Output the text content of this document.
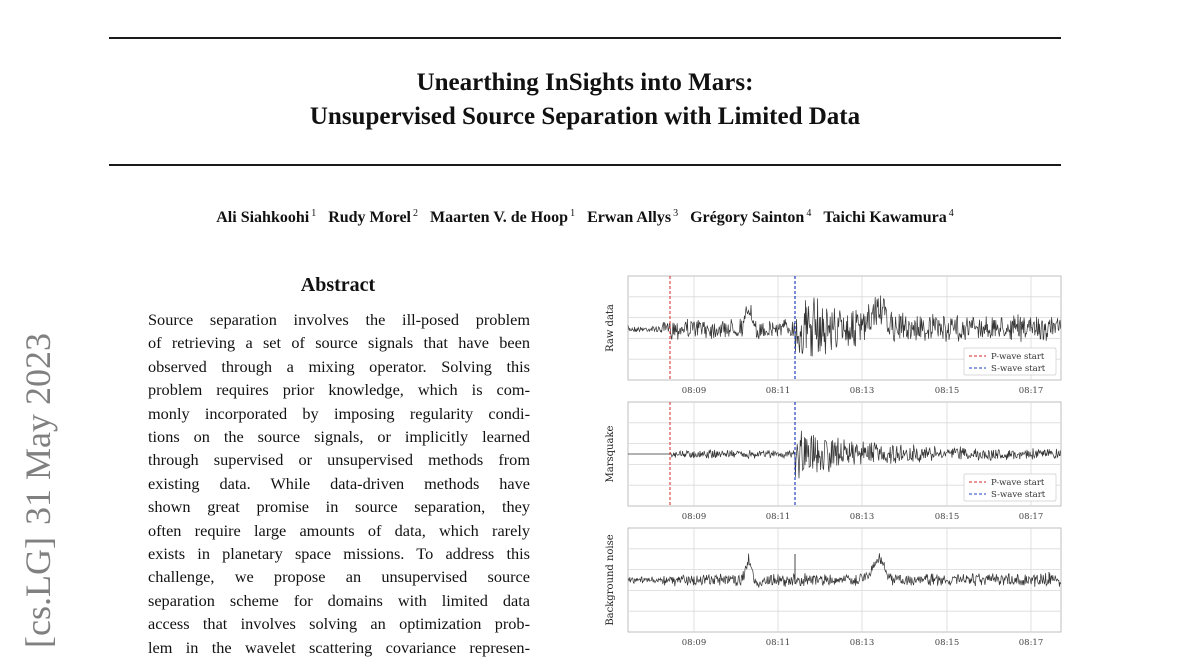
Unearthing InSights into Mars:
Unsupervised Source Separation with Limited Data
Ali Siahkoohi $^1$ Rudy Morel $^2$ Maarten V. de Hoop $^1$ Erwan Allys $^3$ Grégory Sainton $^4$ Taichi Kawamura $^4$
[cs.LG]31 May 2023
Abstract
Source separation involves the ill-posed problem
of retrieving a set of source signals that have been
observed through a mixing operator. Solving this
problem requires prior knowledge, which is com-
monly incorporated by imposing regularity condi-
tions on the source signals, or implicitly learned
through supervised or unsupervised methods from
existing data. While data-driven methods have
shown great promise in source separation, they
often require large amounts of data, which rarely
exists in planetary space missions. To address this
challenge, we propose an unsupervised source
separation scheme for domains with limited data
access that involves solving an optimization prob-
lem in the wavelet scattering covariance represen-
08:09	08:11	08:13	08:15	08:17
Raw data
P-wave start
S-wave start
08:09	08:11	08:13	08:15	08:17
Marsquake
P-wave start
S-wave start
08:09	08:11	08:13	08:15	08:17
Background noise
